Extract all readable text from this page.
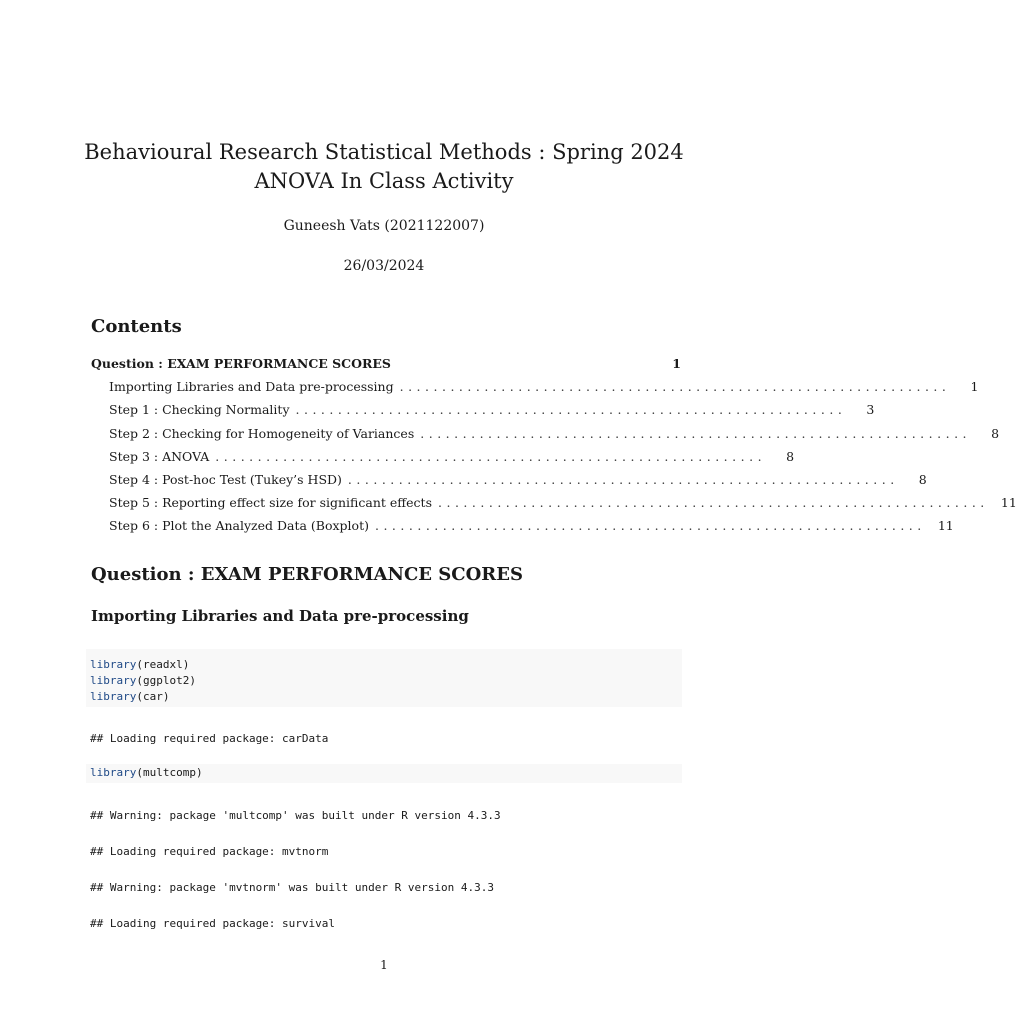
Behavioural Research Statistical Methods : Spring 2024 ANOVA In Class Activity
Guneesh Vats (2021122007)
26/03/2024
Contents
Question : EXAM PERFORMANCE SCORES	1
Importing Libraries and Data pre-processing .................................................................	1
Step 1 : Checking Normality .................................................................	3
Step 2 : Checking for Homogeneity of Variances .................................................................	8
Step 3 : ANOVA .................................................................	8
Step 4 : Post-hoc Test (Tukey’s HSD) .................................................................	8
Step 5 : Reporting effect size for significant effects ................................................................. 11
Step 6 : Plot the Analyzed Data (Boxplot) ................................................................. 11
Question : EXAM PERFORMANCE SCORES
Importing Libraries and Data pre-processing
library(readxl)
library(ggplot2)
library(car)
## Loading required package: carData
library(multcomp)
## Warning: package 'multcomp' was built under R version 4.3.3
## Loading required package: mvtnorm
## Warning: package 'mvtnorm' was built under R version 4.3.3
## Loading required package: survival
1
